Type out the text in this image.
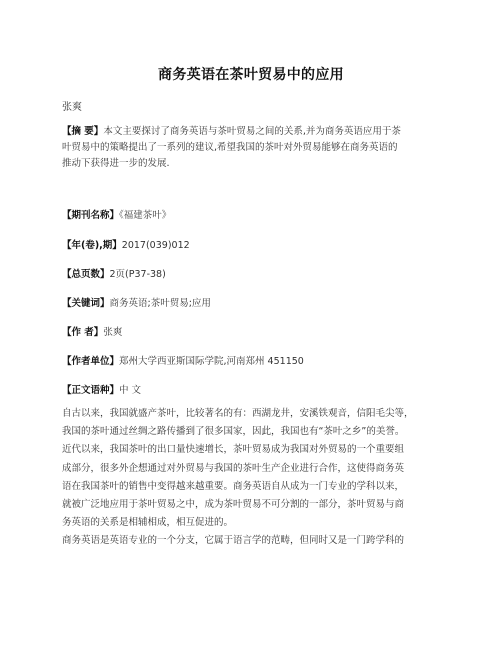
商务英语在茶叶贸易中的应用
张爽
【摘 要】本文主要探讨了商务英语与茶叶贸易之间的关系,并为商务英语应用于茶
叶贸易中的策略提出了一系列的建议,希望我国的茶叶对外贸易能够在商务英语的
推动下获得进一步的发展.
【期刊名称】《福建茶叶》
【年(卷),期】2017(039)012
【总页数】2页(P37-38)
【关键词】商务英语;茶叶贸易;应用
【作 者】张爽
【作者单位】郑州大学西亚斯国际学院,河南郑州 451150
【正文语种】中 文
自古以来，我国就盛产茶叶，比较著名的有：西湖龙井，安溪铁观音，信阳毛尖等，
我国的茶叶通过丝绸之路传播到了很多国家，因此，我国也有“茶叶之乡”的美誉。
近代以来，我国茶叶的出口量快速增长，茶叶贸易成为我国对外贸易的一个重要组
成部分，很多外企想通过对外贸易与我国的茶叶生产企业进行合作，这使得商务英
语在我国茶叶的销售中变得越来越重要。商务英语自从成为一门专业的学科以来，
就被广泛地应用于茶叶贸易之中，成为茶叶贸易不可分割的一部分，茶叶贸易与商
务英语的关系是相辅相成，相互促进的。
商务英语是英语专业的一个分支，它属于语言学的范畴，但同时又是一门跨学科的
